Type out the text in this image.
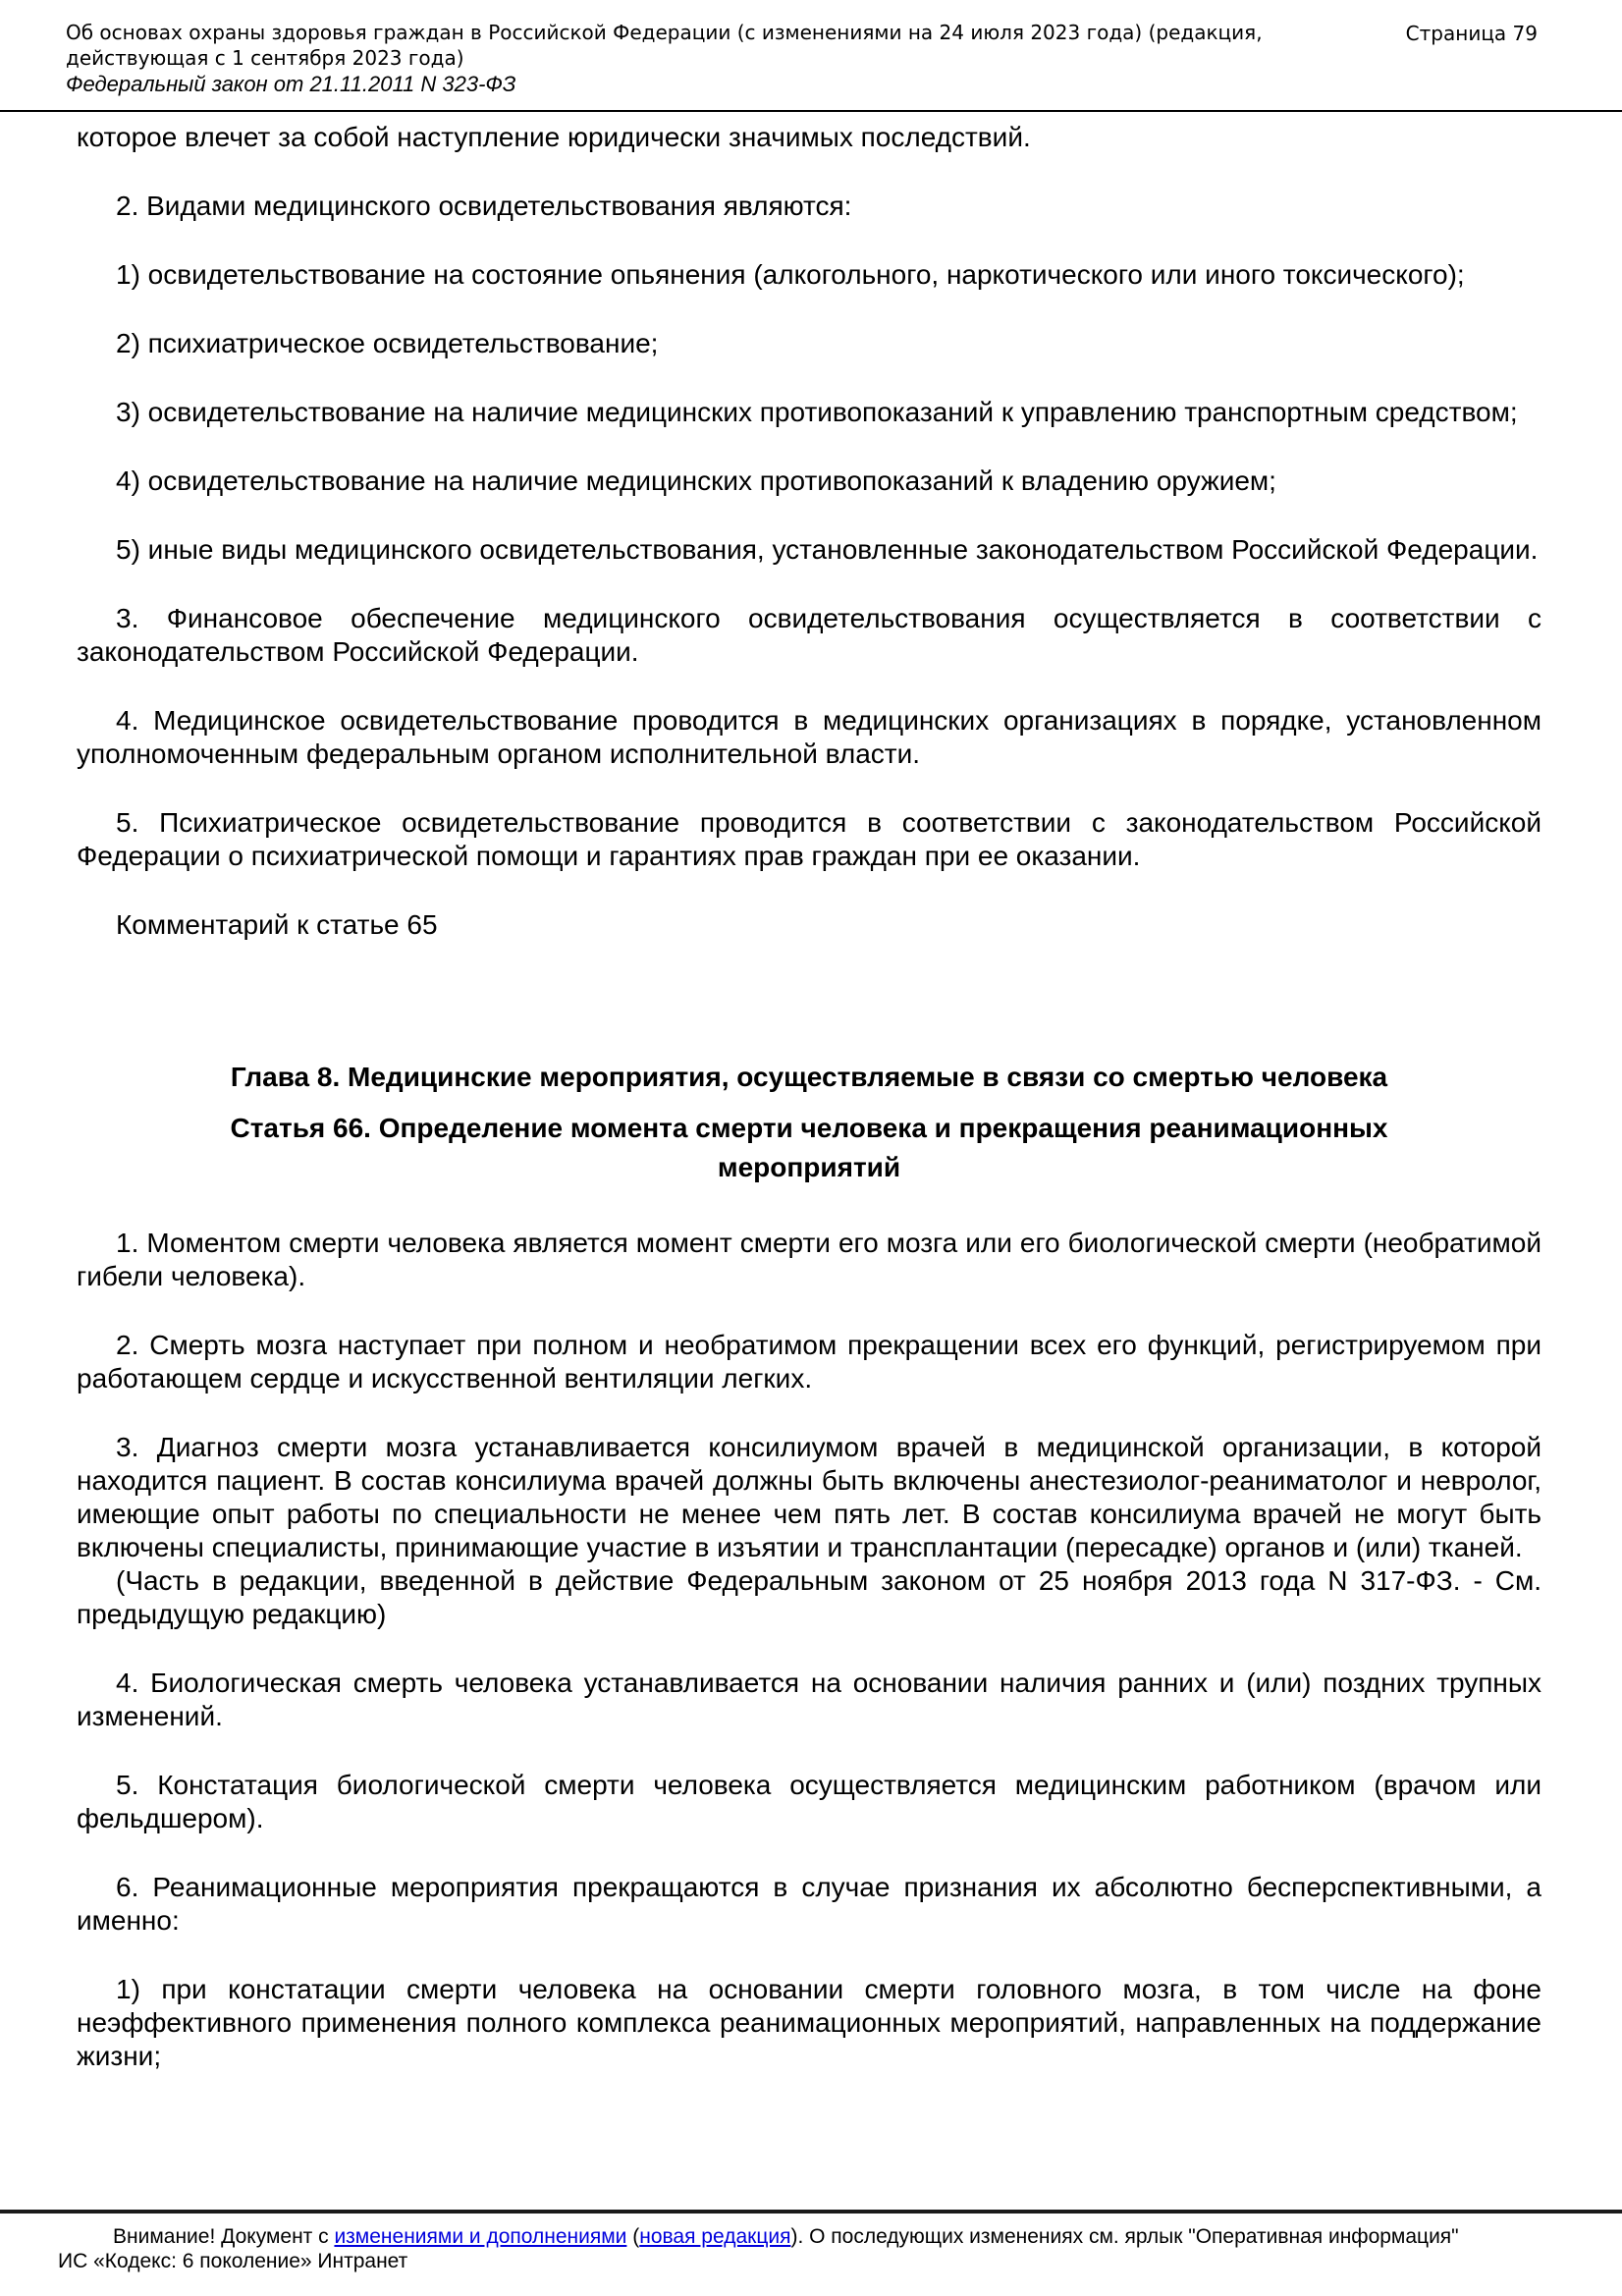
Об основах охраны здоровья граждан в Российской Федерации (с изменениями на 24 июля 2023 года) (редакция, действующая с 1 сентября 2023 года)
Страница 79
Федеральный закон от 21.11.2011 N 323-ФЗ

которое влечет за собой наступление юридически значимых последствий.

2. Видами медицинского освидетельствования являются:

1) освидетельствование на состояние опьянения (алкогольного, наркотического или иного токсического);

2) психиатрическое освидетельствование;

3) освидетельствование на наличие медицинских противопоказаний к управлению транспортным средством;

4) освидетельствование на наличие медицинских противопоказаний к владению оружием;

5) иные виды медицинского освидетельствования, установленные законодательством Российской Федерации.

3. Финансовое обеспечение медицинского освидетельствования осуществляется в соответствии с законодательством Российской Федерации.

4. Медицинское освидетельствование проводится в медицинских организациях в порядке, установленном уполномоченным федеральным органом исполнительной власти.

5. Психиатрическое освидетельствование проводится в соответствии с законодательством Российской Федерации о психиатрической помощи и гарантиях прав граждан при ее оказании.

Комментарий к статье 65

Глава 8. Медицинские мероприятия, осуществляемые в связи со смертью человека
Статья 66. Определение момента смерти человека и прекращения реанимационных мероприятий

1. Моментом смерти человека является момент смерти его мозга или его биологической смерти (необратимой гибели человека).

2. Смерть мозга наступает при полном и необратимом прекращении всех его функций, регистрируемом при работающем сердце и искусственной вентиляции легких.

3. Диагноз смерти мозга устанавливается консилиумом врачей в медицинской организации, в которой находится пациент. В состав консилиума врачей должны быть включены анестезиолог-реаниматолог и невролог, имеющие опыт работы по специальности не менее чем пять лет. В состав консилиума врачей не могут быть включены специалисты, принимающие участие в изъятии и трансплантации (пересадке) органов и (или) тканей.

(Часть в редакции, введенной в действие Федеральным законом от 25 ноября 2013 года N 317-ФЗ. - См. предыдущую редакцию)

4. Биологическая смерть человека устанавливается на основании наличия ранних и (или) поздних трупных изменений.

5. Констатация биологической смерти человека осуществляется медицинским работником (врачом или фельдшером).

6. Реанимационные мероприятия прекращаются в случае признания их абсолютно бесперспективными, а именно:

1) при констатации смерти человека на основании смерти головного мозга, в том числе на фоне неэффективного применения полного комплекса реанимационных мероприятий, направленных на поддержание жизни;

Внимание! Документ с изменениями и дополнениями (новая редакция). О последующих изменениях см. ярлык "Оперативная информация"

ИС «Кодекс: 6 поколение» Интранет
